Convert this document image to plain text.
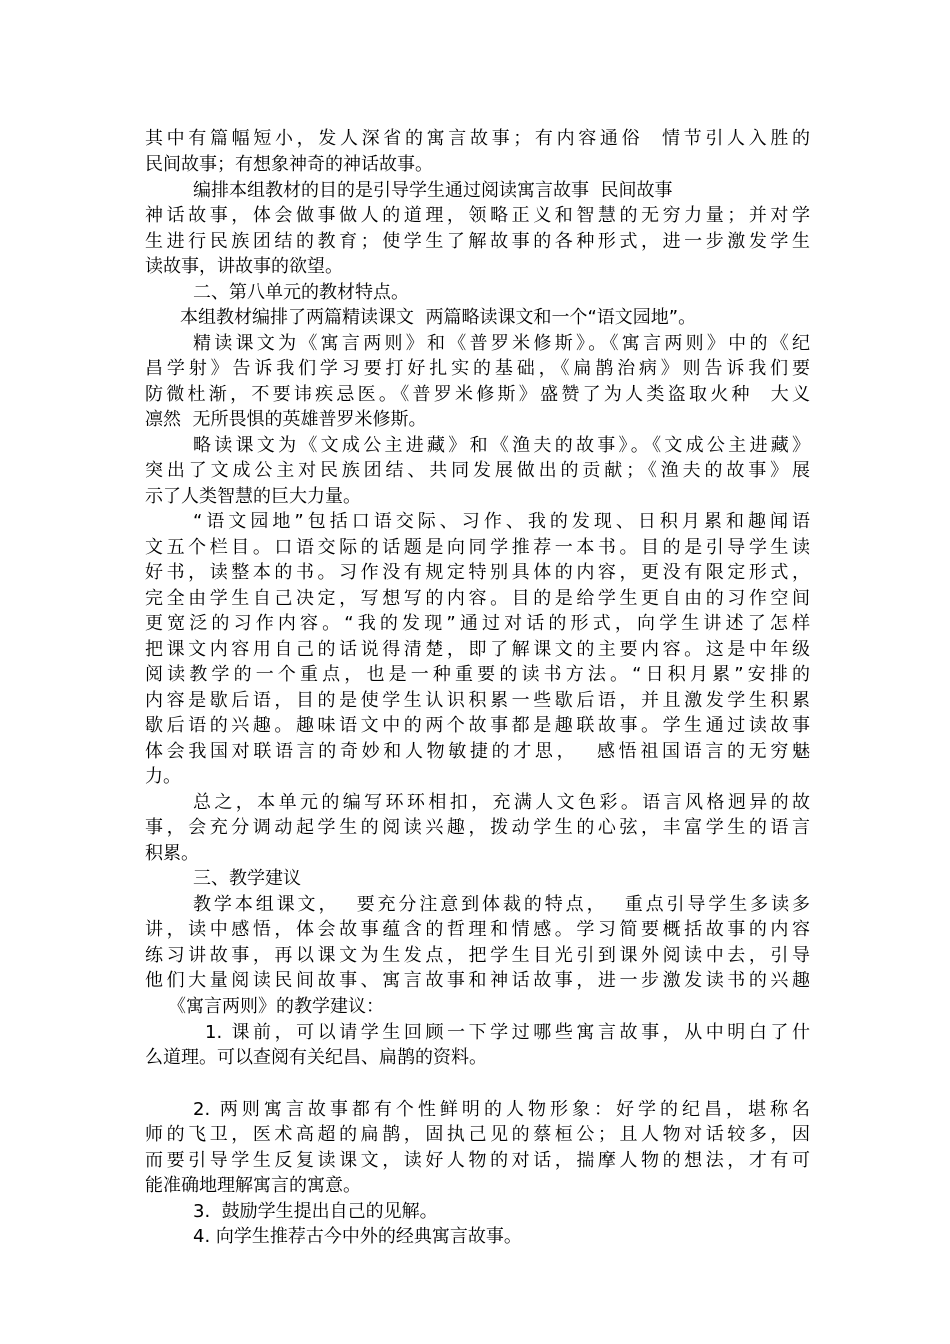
其中有篇幅短小，发人深省的寓言故事；有内容通俗  情节引人入胜的
民间故事；有想象神奇的神话故事。
编排本组教材的目的是引导学生通过阅读寓言故事  民间故事
神话故事，体会做事做人的道理，领略正义和智慧的无穷力量；并对学
生进行民族团结的教育；使学生了解故事的各种形式，进一步激发学生
读故事，讲故事的欲望。
二、第八单元的教材特点。
本组教材编排了两篇精读课文  两篇略读课文和一个“语文园地”。
精读课文为《寓言两则》和《普罗米修斯》。《寓言两则》中的《纪
昌学射》告诉我们学习要打好扎实的基础，《扁鹊治病》则告诉我们要
防微杜渐，不要讳疾忌医。《普罗米修斯》盛赞了为人类盗取火种  大义
凛然  无所畏惧的英雄普罗米修斯。
略读课文为《文成公主进藏》和《渔夫的故事》。《文成公主进藏》
突出了文成公主对民族团结、共同发展做出的贡献；《渔夫的故事》展
示了人类智慧的巨大力量。
“语文园地”包括口语交际、习作、我的发现、日积月累和趣闻语
文五个栏目。口语交际的话题是向同学推荐一本书。目的是引导学生读
好书，读整本的书。习作没有规定特别具体的内容，更没有限定形式，
完全由学生自己决定，写想写的内容。目的是给学生更自由的习作空间
更宽泛的习作内容。“我的发现”通过对话的形式，向学生讲述了怎样
把课文内容用自己的话说得清楚，即了解课文的主要内容。这是中年级
阅读教学的一个重点，也是一种重要的读书方法。“日积月累”安排的
内容是歇后语，目的是使学生认识积累一些歇后语，并且激发学生积累
歇后语的兴趣。趣味语文中的两个故事都是趣联故事。学生通过读故事
体会我国对联语言的奇妙和人物敏捷的才思，  感悟祖国语言的无穷魅
力。
总之，本单元的编写环环相扣，充满人文色彩。语言风格迥异的故
事，会充分调动起学生的阅读兴趣，拨动学生的心弦，丰富学生的语言
积累。
三、教学建议
教学本组课文，  要充分注意到体裁的特点，  重点引导学生多读多
讲，读中感悟，体会故事蕴含的哲理和情感。学习简要概括故事的内容
练习讲故事，再以课文为生发点，把学生目光引到课外阅读中去，引导
他们大量阅读民间故事、寓言故事和神话故事，进一步激发读书的兴趣
《寓言两则》的教学建议：
1. 课前，可以请学生回顾一下学过哪些寓言故事，从中明白了什
么道理。可以查阅有关纪昌、扁鹊的资料。
2. 两则寓言故事都有个性鲜明的人物形象：好学的纪昌，堪称名
师的飞卫，医术高超的扁鹊，固执己见的蔡桓公；且人物对话较多，因
而要引导学生反复读课文，读好人物的对话，揣摩人物的想法，才有可
能准确地理解寓言的寓意。
3.  鼓励学生提出自己的见解。
4. 向学生推荐古今中外的经典寓言故事。
